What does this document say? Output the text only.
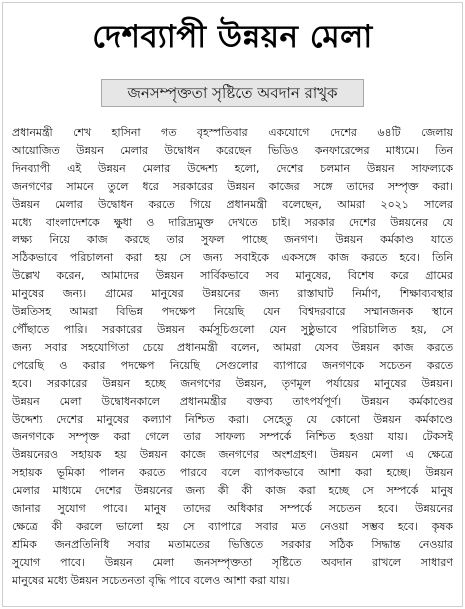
দেশব্যাপী উন্নয়ন মেলা
জনসম্পৃক্ততা সৃষ্টিতে অবদান রাখুক
প্রধানমন্ত্রী শেখ হাসিনা গত বৃহস্পতিবার একযোগে দেশের ৬৪টি জেলায়
আয়োজিত উন্নয়ন মেলার উদ্বোধন করেছেন ভিডিও কনফারেন্সের মাধ্যমে। তিন
দিনব্যাপী এই উন্নয়ন মেলার উদ্দেশ্য হলো, দেশের চলমান উন্নয়ন সাফল্যকে
জনগণের সামনে তুলে ধরে সরকারের উন্নয়ন কাজের সঙ্গে তাদের সম্পৃক্ত করা।
উন্নয়ন মেলার উদ্বোধন করতে গিয়ে প্রধানমন্ত্রী বলেছেন, আমরা ২০২১ সালের
মধ্যে বাংলাদেশকে ক্ষুধা ও দারিদ্র্যমুক্ত দেখতে চাই। সরকার দেশের উন্নয়নের যে
লক্ষ্য নিয়ে কাজ করছে তার সুফল পাচ্ছে জনগণ। উন্নয়ন কর্মকাণ্ড যাতে
সঠিকভাবে পরিচালনা করা হয় সে জন্য সবাইকে একসঙ্গে কাজ করতে হবে। তিনি
উল্লেখ করেন, আমাদের উন্নয়ন সার্বিকভাবে সব মানুষের, বিশেষ করে গ্রামের
মানুষের জন্য। গ্রামের মানুষের উন্নয়নের জন্য রাস্তাঘাট নির্মাণ, শিক্ষাব্যবস্থার
উন্নতিসহ আমরা বিভিন্ন পদক্ষেপ নিয়েছি যেন বিশ্বদরবারে সম্মানজনক স্থানে
পৌঁছাতে পারি। সরকারের উন্নয়ন কর্মসূচিগুলো যেন সুষ্ঠুভাবে পরিচালিত হয়, সে
জন্য সবার সহযোগিতা চেয়ে প্রধানমন্ত্রী বলেন, আমরা যেসব উন্নয়ন কাজ করতে
পেরেছি ও করার পদক্ষেপ নিয়েছি সেগুলোর ব্যাপারে জনগণকে সচেতন করতে
হবে। সরকারের উন্নয়ন হচ্ছে জনগণের উন্নয়ন, তৃণমূল পর্যায়ের মানুষের উন্নয়ন।
উন্নয়ন মেলা উদ্বোধনকালে প্রধানমন্ত্রীর বক্তব্য তাৎপর্যপূর্ণ। উন্নয়ন কর্মকাণ্ডের
উদ্দেশ্য দেশের মানুষের কল্যাণ নিশ্চিত করা। সেহেতু যে কোনো উন্নয়ন কর্মকাণ্ডে
জনগণকে সম্পৃক্ত করা গেলে তার সাফল্য সম্পর্কে নিশ্চিত হওয়া যায়। টেকসই
উন্নয়নেরও সহায়ক হয় উন্নয়ন কাজে জনগণের অংশগ্রহণ। উন্নয়ন মেলা এ ক্ষেত্রে
সহায়ক ভূমিকা পালন করতে পারবে বলে ব্যাপকভাবে আশা করা হচ্ছে। উন্নয়ন
মেলার মাধ্যমে দেশের উন্নয়নের জন্য কী কী কাজ করা হচ্ছে সে সম্পর্কে মানুষ
জানার সুযোগ পাবে। মানুষ তাদের অধিকার সম্পর্কে সচেতন হবে। উন্নয়নের
ক্ষেত্রে কী করলে ভালো হয় সে ব্যাপারে সবার মত নেওয়া সম্ভব হবে। কৃষক
শ্রমিক জনপ্রতিনিধি সবার মতামতের ভিত্তিতে সরকার সঠিক সিদ্ধান্ত নেওয়ার
সুযোগ পাবে। উন্নয়ন মেলা জনসম্পৃক্ততা সৃষ্টিতে অবদান রাখলে সাধারণ
মানুষের মধ্যে উন্নয়ন সচেতনতা বৃদ্ধি পাবে বলেও আশা করা যায়।
